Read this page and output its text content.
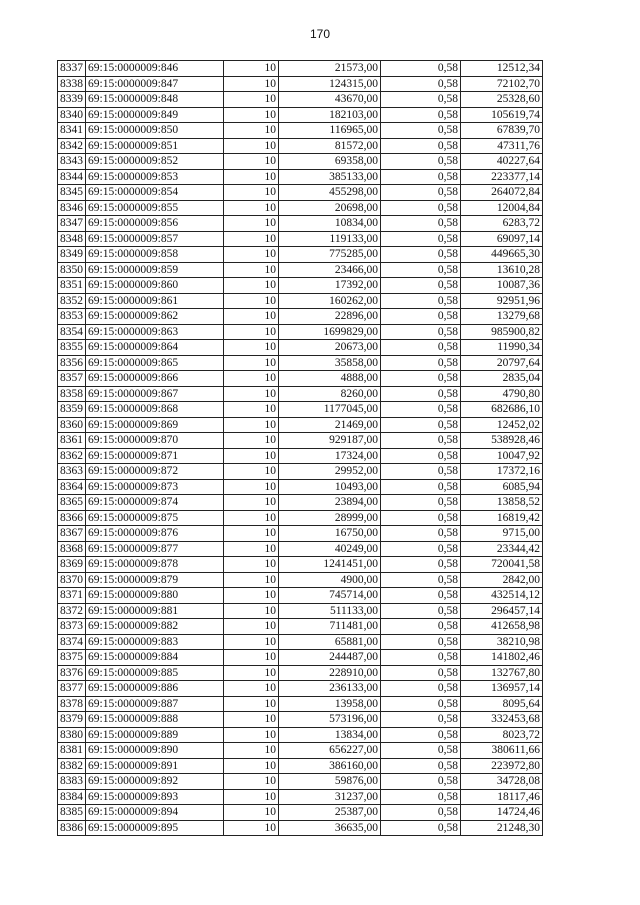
170
8337	69:15:0000009:846	10	21573,00	0,58	12512,34
8338	69:15:0000009:847	10	124315,00	0,58	72102,70
8339	69:15:0000009:848	10	43670,00	0,58	25328,60
8340	69:15:0000009:849	10	182103,00	0,58	105619,74
8341	69:15:0000009:850	10	116965,00	0,58	67839,70
8342	69:15:0000009:851	10	81572,00	0,58	47311,76
8343	69:15:0000009:852	10	69358,00	0,58	40227,64
8344	69:15:0000009:853	10	385133,00	0,58	223377,14
8345	69:15:0000009:854	10	455298,00	0,58	264072,84
8346	69:15:0000009:855	10	20698,00	0,58	12004,84
8347	69:15:0000009:856	10	10834,00	0,58	6283,72
8348	69:15:0000009:857	10	119133,00	0,58	69097,14
8349	69:15:0000009:858	10	775285,00	0,58	449665,30
8350	69:15:0000009:859	10	23466,00	0,58	13610,28
8351	69:15:0000009:860	10	17392,00	0,58	10087,36
8352	69:15:0000009:861	10	160262,00	0,58	92951,96
8353	69:15:0000009:862	10	22896,00	0,58	13279,68
8354	69:15:0000009:863	10	1699829,00	0,58	985900,82
8355	69:15:0000009:864	10	20673,00	0,58	11990,34
8356	69:15:0000009:865	10	35858,00	0,58	20797,64
8357	69:15:0000009:866	10	4888,00	0,58	2835,04
8358	69:15:0000009:867	10	8260,00	0,58	4790,80
8359	69:15:0000009:868	10	1177045,00	0,58	682686,10
8360	69:15:0000009:869	10	21469,00	0,58	12452,02
8361	69:15:0000009:870	10	929187,00	0,58	538928,46
8362	69:15:0000009:871	10	17324,00	0,58	10047,92
8363	69:15:0000009:872	10	29952,00	0,58	17372,16
8364	69:15:0000009:873	10	10493,00	0,58	6085,94
8365	69:15:0000009:874	10	23894,00	0,58	13858,52
8366	69:15:0000009:875	10	28999,00	0,58	16819,42
8367	69:15:0000009:876	10	16750,00	0,58	9715,00
8368	69:15:0000009:877	10	40249,00	0,58	23344,42
8369	69:15:0000009:878	10	1241451,00	0,58	720041,58
8370	69:15:0000009:879	10	4900,00	0,58	2842,00
8371	69:15:0000009:880	10	745714,00	0,58	432514,12
8372	69:15:0000009:881	10	511133,00	0,58	296457,14
8373	69:15:0000009:882	10	711481,00	0,58	412658,98
8374	69:15:0000009:883	10	65881,00	0,58	38210,98
8375	69:15:0000009:884	10	244487,00	0,58	141802,46
8376	69:15:0000009:885	10	228910,00	0,58	132767,80
8377	69:15:0000009:886	10	236133,00	0,58	136957,14
8378	69:15:0000009:887	10	13958,00	0,58	8095,64
8379	69:15:0000009:888	10	573196,00	0,58	332453,68
8380	69:15:0000009:889	10	13834,00	0,58	8023,72
8381	69:15:0000009:890	10	656227,00	0,58	380611,66
8382	69:15:0000009:891	10	386160,00	0,58	223972,80
8383	69:15:0000009:892	10	59876,00	0,58	34728,08
8384	69:15:0000009:893	10	31237,00	0,58	18117,46
8385	69:15:0000009:894	10	25387,00	0,58	14724,46
8386	69:15:0000009:895	10	36635,00	0,58	21248,30
